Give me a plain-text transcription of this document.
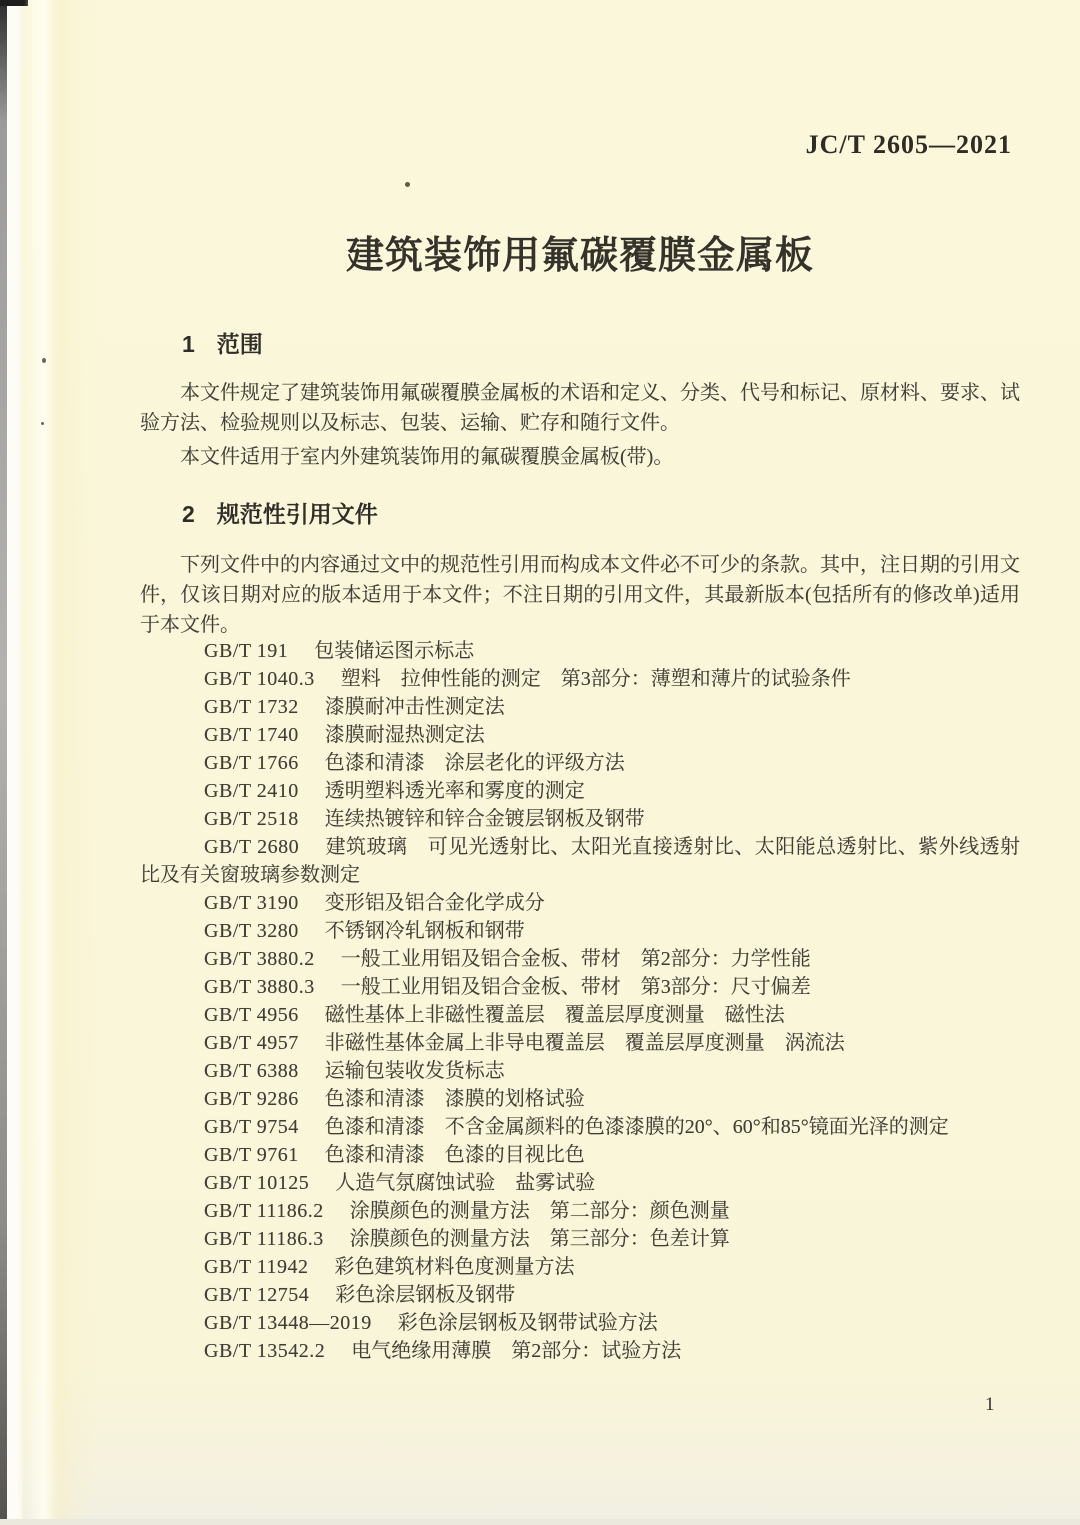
JC/T 2605—2021
建筑装饰用氟碳覆膜金属板
1 范围

本文件规定了建筑装饰用氟碳覆膜金属板的术语和定义、分类、代号和标记、原材料、要求、试验方法、检验规则以及标志、包装、运输、贮存和随行文件。

本文件适用于室内外建筑装饰用的氟碳覆膜金属板(带)。

2 规范性引用文件

下列文件中的内容通过文中的规范性引用而构成本文件必不可少的条款。其中，注日期的引用文件，仅该日期对应的版本适用于本文件；不注日期的引用文件，其最新版本(包括所有的修改单)适用于本文件。

GB/T 191 包装储运图示标志
GB/T 1040.3 塑料　拉伸性能的测定　第3部分：薄塑和薄片的试验条件
GB/T 1732 漆膜耐冲击性测定法
GB/T 1740 漆膜耐湿热测定法
GB/T 1766 色漆和清漆　涂层老化的评级方法
GB/T 2410 透明塑料透光率和雾度的测定
GB/T 2518 连续热镀锌和锌合金镀层钢板及钢带
GB/T 2680 建筑玻璃　可见光透射比、太阳光直接透射比、太阳能总透射比、紫外线透射比及有关窗玻璃参数测定
GB/T 3190 变形铝及铝合金化学成分
GB/T 3280 不锈钢冷轧钢板和钢带
GB/T 3880.2 一般工业用铝及铝合金板、带材　第2部分：力学性能
GB/T 3880.3 一般工业用铝及铝合金板、带材　第3部分：尺寸偏差
GB/T 4956 磁性基体上非磁性覆盖层　覆盖层厚度测量　磁性法
GB/T 4957 非磁性基体金属上非导电覆盖层　覆盖层厚度测量　涡流法
GB/T 6388 运输包装收发货标志
GB/T 9286 色漆和清漆　漆膜的划格试验
GB/T 9754 色漆和清漆　不含金属颜料的色漆漆膜的20°、60°和85°镜面光泽的测定
GB/T 9761 色漆和清漆　色漆的目视比色
GB/T 10125 人造气氛腐蚀试验　盐雾试验
GB/T 11186.2 涂膜颜色的测量方法　第二部分：颜色测量
GB/T 11186.3 涂膜颜色的测量方法　第三部分：色差计算
GB/T 11942 彩色建筑材料色度测量方法
GB/T 12754 彩色涂层钢板及钢带
GB/T 13448—2019 彩色涂层钢板及钢带试验方法
GB/T 13542.2 电气绝缘用薄膜　第2部分：试验方法
1
